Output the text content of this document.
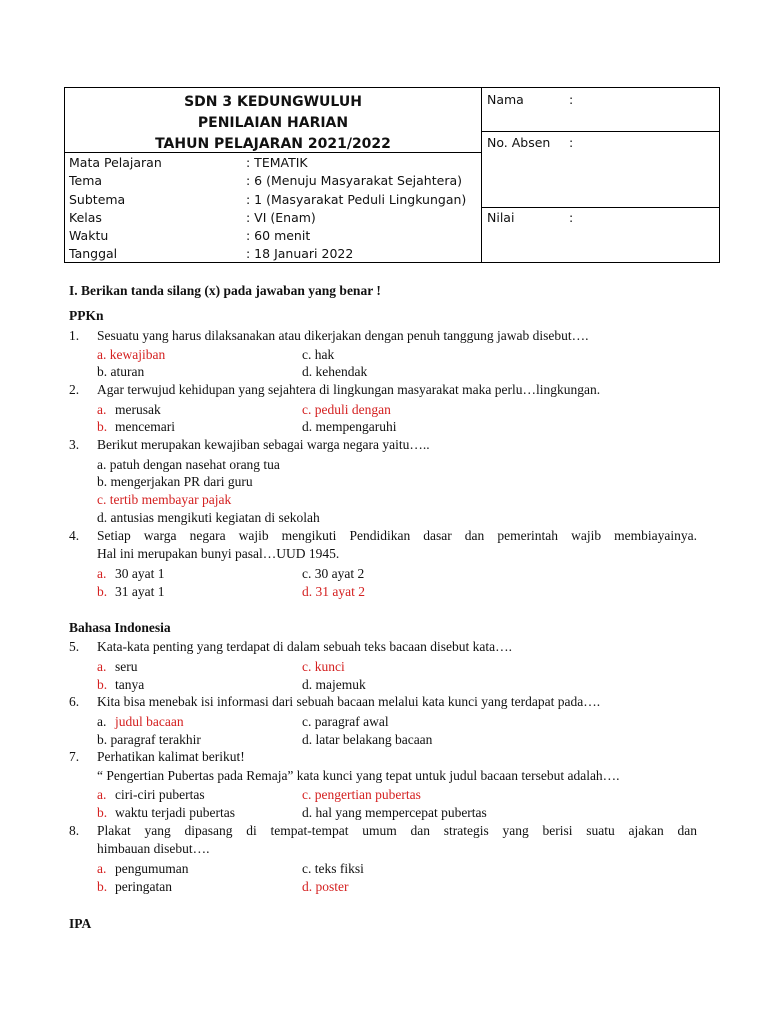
SDN 3 KEDUNGWULUH
PENILAIAN HARIAN
TAHUN PELAJARAN 2021/2022
Mata Pelajaran	: TEMATIK
Tema	: 6 (Menuju Masyarakat Sejahtera)
Subtema	: 1 (Masyarakat Peduli Lingkungan)
Kelas	: VI (Enam)
Waktu	: 60 menit
Tanggal	: 18 Januari 2022
Nama	:
No. Absen :
Nilai	:
I. Berikan tanda silang (x) pada jawaban yang benar !
PPKn
1. Sesuatu yang harus dilaksanakan atau dikerjakan dengan penuh tanggung jawab disebut….
a. kewajiban
b. aturan
c. hak
d. kehendak
2. Agar terwujud kehidupan yang sejahtera di lingkungan masyarakat maka perlu…lingkungan.
a. merusak
b. mencemari
c. peduli dengan
d. mempengaruhi
3. Berikut merupakan kewajiban sebagai warga negara yaitu…..
a. patuh dengan nasehat orang tua
b. mengerjakan PR dari guru
c. tertib membayar pajak
d. antusias mengikuti kegiatan di sekolah
4. Setiap warga negara wajib mengikuti Pendidikan dasar dan pemerintah wajib membiayainya.
Hal ini merupakan bunyi pasal…UUD 1945.
a. 30 ayat 1
b. 31 ayat 1
c. 30 ayat 2
d. 31 ayat 2
Bahasa Indonesia
5. Kata-kata penting yang terdapat di dalam sebuah teks bacaan disebut kata….
a. seru
b. tanya
c. kunci
d. majemuk
6. Kita bisa menebak isi informasi dari sebuah bacaan melalui kata kunci yang terdapat pada….
a. judul bacaan
b. paragraf terakhir
c. paragraf awal
d. latar belakang bacaan
7. Perhatikan kalimat berikut!
“ Pengertian Pubertas pada Remaja” kata kunci yang tepat untuk judul bacaan tersebut adalah….
a. ciri-ciri pubertas
b. waktu terjadi pubertas
c. pengertian pubertas
d. hal yang mempercepat pubertas
8. Plakat yang dipasang di tempat-tempat umum dan strategis yang berisi suatu ajakan dan
himbauan disebut….
a. pengumuman
b. peringatan
c. teks fiksi
d. poster
IPA
